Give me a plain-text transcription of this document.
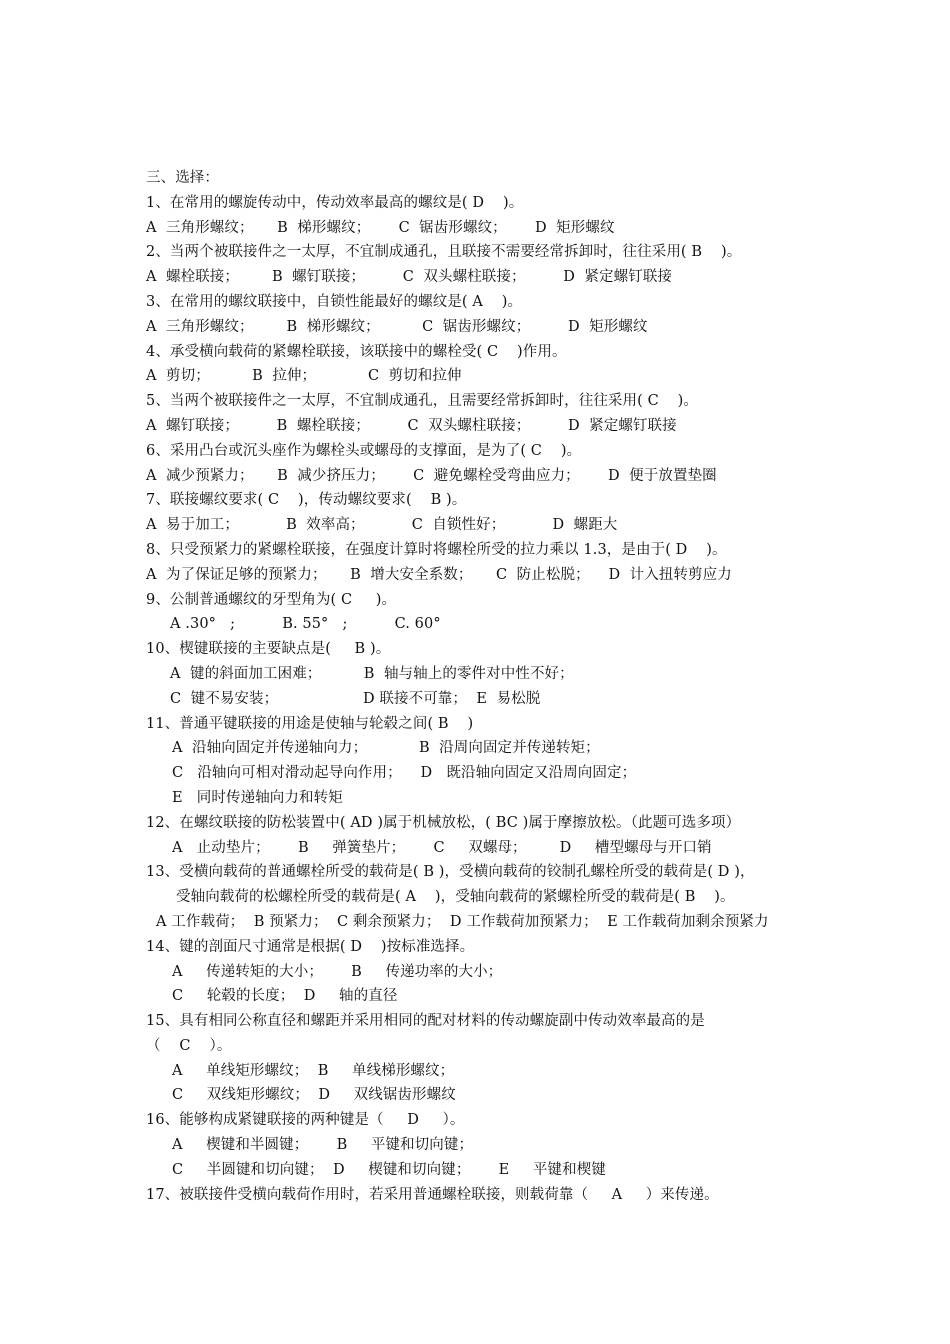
三、选择：
1、在常用的螺旋传动中，传动效率最高的螺纹是( D    )。
A  三角形螺纹；     B  梯形螺纹；      C  锯齿形螺纹；      D  矩形螺纹
2、当两个被联接件之一太厚，不宜制成通孔，且联接不需要经常拆卸时，往往采用( B    )。
A  螺栓联接；       B  螺钉联接；        C  双头螺柱联接；        D  紧定螺钉联接
3、在常用的螺纹联接中，自锁性能最好的螺纹是( A    )。
A  三角形螺纹；       B  梯形螺纹；         C  锯齿形螺纹；        D  矩形螺纹
4、承受横向载荷的紧螺栓联接，该联接中的螺栓受( C    )作用。
A  剪切；         B  拉伸；           C  剪切和拉伸
5、当两个被联接件之一太厚，不宜制成通孔，且需要经常拆卸时，往往采用( C    )。
A  螺钉联接；        B  螺栓联接；        C  双头螺柱联接；        D  紧定螺钉联接
6、采用凸台或沉头座作为螺栓头或螺母的支撑面，是为了( C    )。
A  减少预紧力；     B  减少挤压力；      C  避免螺栓受弯曲应力；      D  便于放置垫圈
7、联接螺纹要求( C    )，传动螺纹要求(    B )。
A  易于加工；          B  效率高；          C  自锁性好；          D  螺距大
8、只受预紧力的紧螺栓联接，在强度计算时将螺栓所受的拉力乘以 1.3，是由于( D    )。
A  为了保证足够的预紧力；     B  增大安全系数；     C  防止松脱；    D  计入扭转剪应力
9、公制普通螺纹的牙型角为( C     )。
A .30°   ;          B. 55°   ;          C. 60°
10、楔键联接的主要缺点是(     B )。
A  键的斜面加工困难；         B  轴与轴上的零件对中性不好；
C  键不易安装；                  D 联接不可靠；  E  易松脱
11、普通平键联接的用途是使轴与轮毂之间( B    )
A  沿轴向固定并传递轴向力；           B  沿周向固定并传递转矩；
C   沿轴向可相对滑动起导向作用；    D   既沿轴向固定又沿周向固定；
E   同时传递轴向力和转矩
12、在螺纹联接的防松装置中( AD )属于机械放松，( BC )属于摩擦放松。（此题可选多项）
A   止动垫片；      B     弹簧垫片；      C     双螺母；       D     槽型螺母与开口销
13、受横向载荷的普通螺栓所受的载荷是( B )，受横向载荷的铰制孔螺栓所受的载荷是( D )，
受轴向载荷的松螺栓所受的载荷是( A    )，受轴向载荷的紧螺栓所受的载荷是( B    )。
A 工作载荷；  B 预紧力；  C 剩余预紧力；  D 工作载荷加预紧力；  E 工作载荷加剩余预紧力
14、键的剖面尺寸通常是根据( D    )按标准选择。
A     传递转矩的大小；      B     传递功率的大小；
C     轮毂的长度；  D     轴的直径
15、具有相同公称直径和螺距并采用相同的配对材料的传动螺旋副中传动效率最高的是
（    C    ）。
A     单线矩形螺纹；  B     单线梯形螺纹；
C     双线矩形螺纹；  D     双线锯齿形螺纹
16、能够构成紧键联接的两种键是（     D     ）。
A     楔键和半圆键；      B     平键和切向键；
C     半圆键和切向键；  D     楔键和切向键；      E     平键和楔键
17、被联接件受横向载荷作用时，若采用普通螺栓联接，则载荷靠（     A     ）来传递。
